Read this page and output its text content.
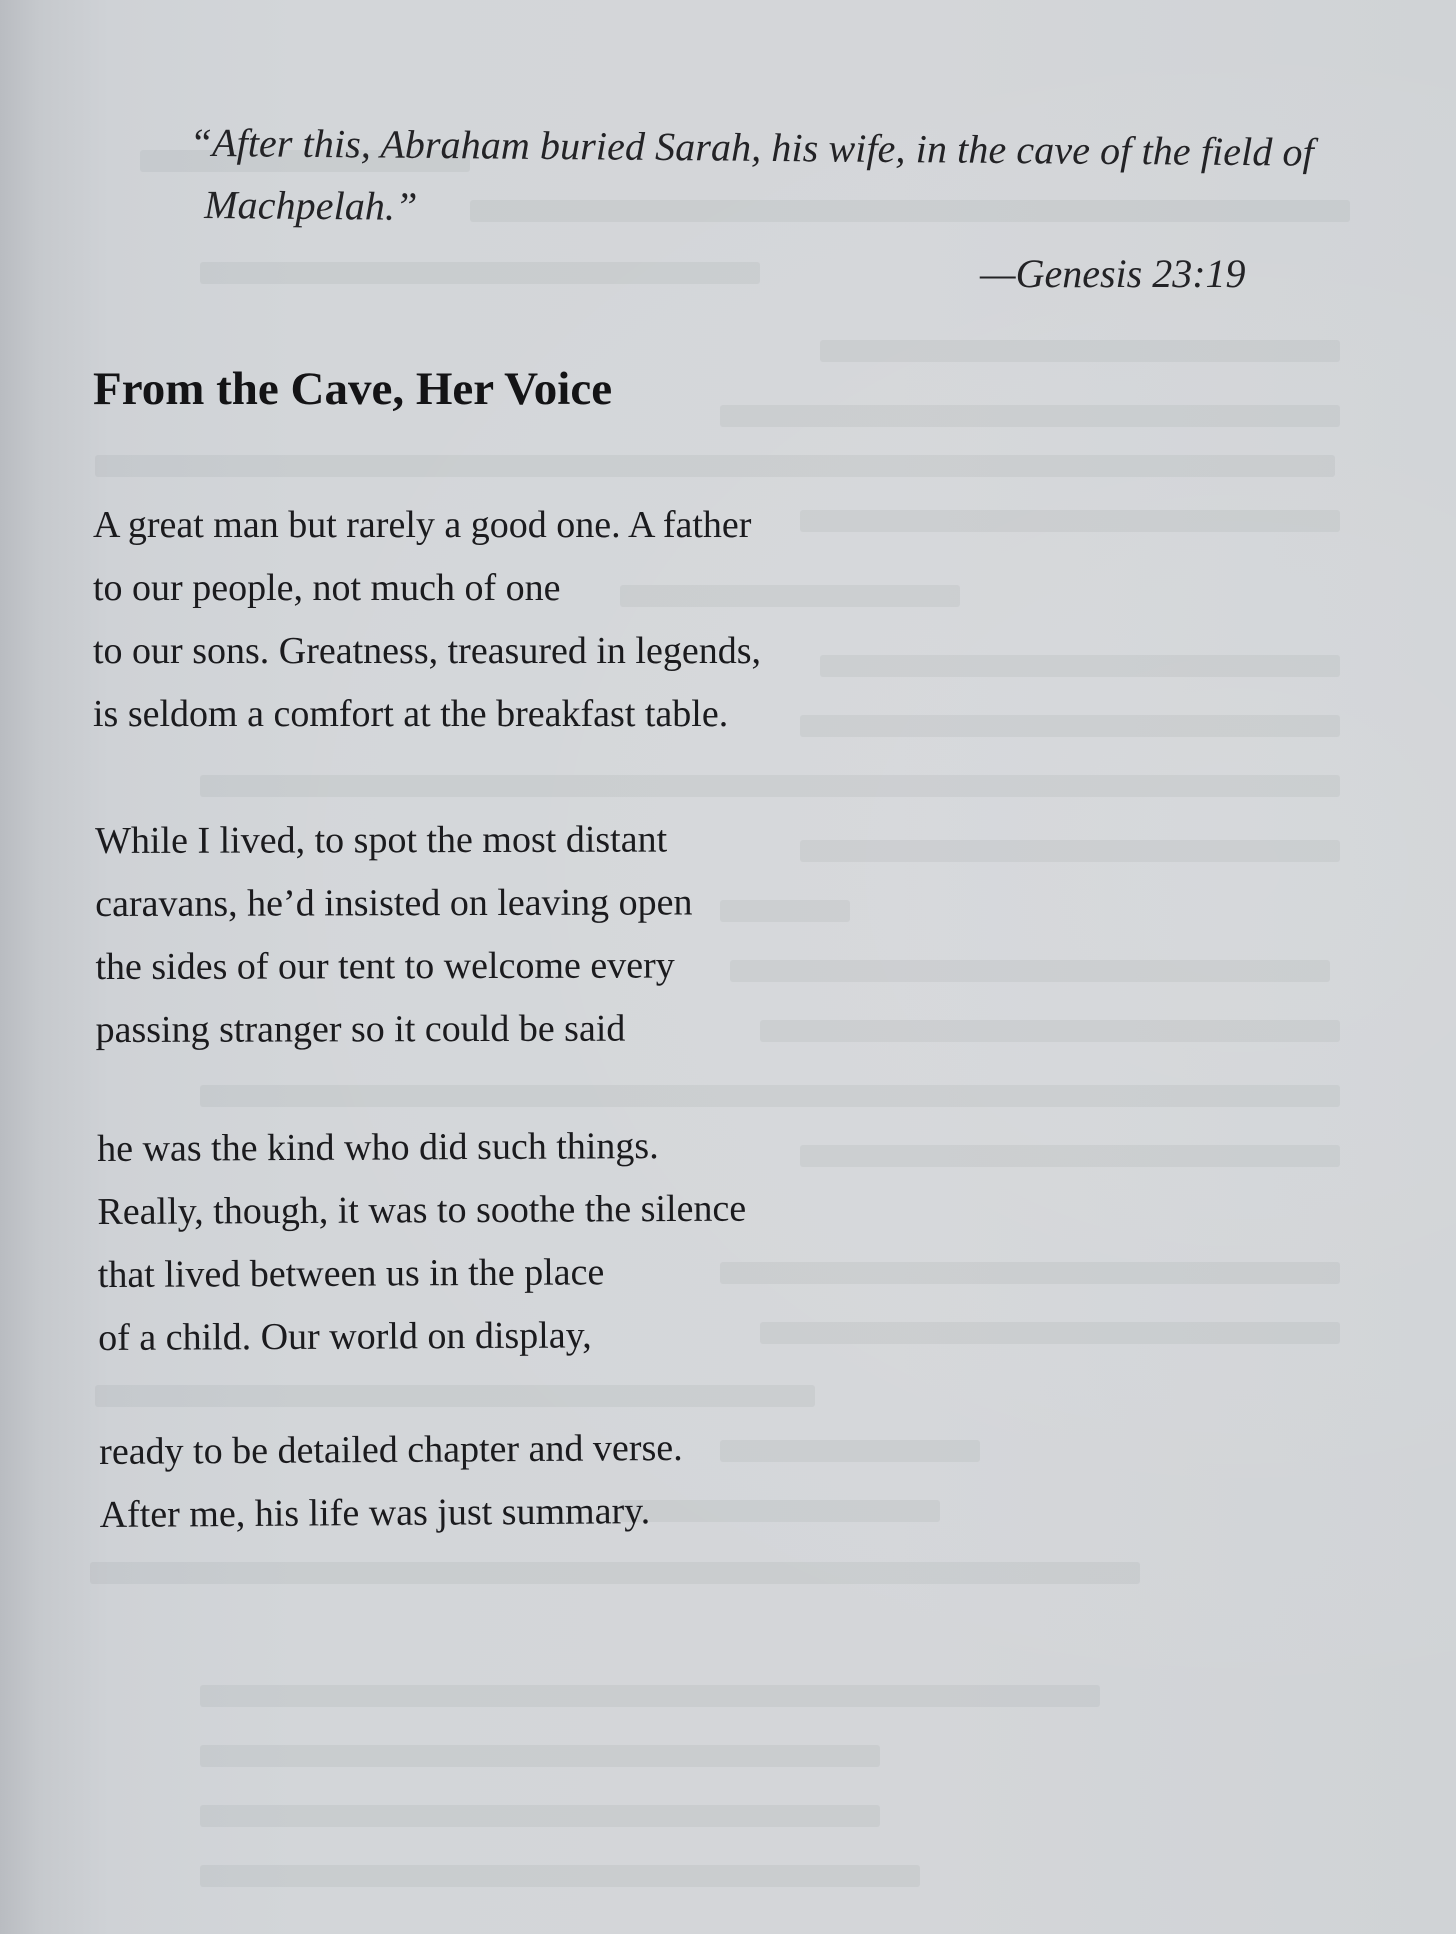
“After this, Abraham buried Sarah, his wife, in the cave of the field of
Machpelah.”
—Genesis 23:19
From the Cave, Her Voice
A great man but rarely a good one. A father
to our people, not much of one
to our sons. Greatness, treasured in legends,
is seldom a comfort at the breakfast table.
While I lived, to spot the most distant
caravans, he’d insisted on leaving open
the sides of our tent to welcome every
passing stranger so it could be said
he was the kind who did such things.
Really, though, it was to soothe the silence
that lived between us in the place
of a child. Our world on display,
ready to be detailed chapter and verse.
After me, his life was just summary.
